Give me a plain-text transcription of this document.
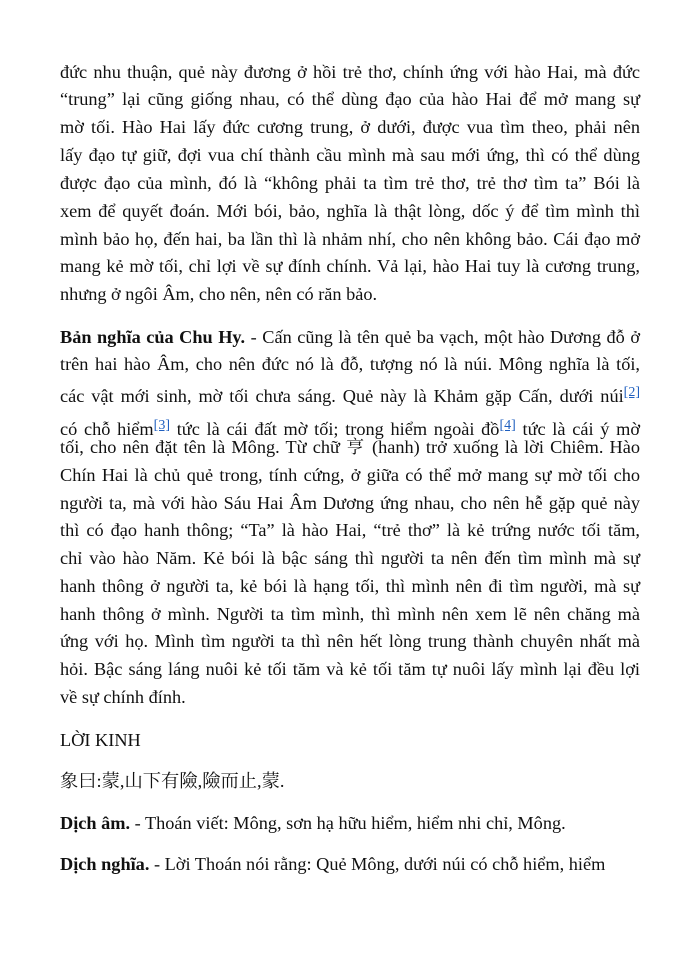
đức nhu thuận, quẻ này đương ở hồi trẻ thơ, chính ứng với hào Hai, mà đức
“trung” lại cũng giống nhau, có thể dùng đạo của hào Hai để mở mang sự
mờ tối. Hào Hai lấy đức cương trung, ở dưới, được vua tìm theo, phải nên
lấy đạo tự giữ, đợi vua chí thành cầu mình mà sau mới ứng, thì có thể dùng
được đạo của mình, đó là “không phải ta tìm trẻ thơ, trẻ thơ tìm ta” Bói là
xem để quyết đoán. Mới bói, bảo, nghĩa là thật lòng, dốc ý để tìm mình thì
mình bảo họ, đến hai, ba lần thì là nhảm nhí, cho nên không bảo. Cái đạo mở
mang kẻ mờ tối, chỉ lợi về sự đính chính. Vả lại, hào Hai tuy là cương trung,
nhưng ở ngôi Âm, cho nên, nên có răn bảo.
Bản nghĩa của Chu Hy. - Cấn cũng là tên quẻ ba vạch, một hào Dương đỗ ở
trên hai hào Âm, cho nên đức nó là đỗ, tượng nó là núi. Mông nghĩa là tối,
các vật mới sinh, mờ tối chưa sáng. Quẻ này là Khảm gặp Cấn, dưới núi[2]
có chỗ hiểm[3] tức là cái đất mờ tối; trong hiểm ngoài đồ[4] tức là cái ý mờ
tối, cho nên đặt tên là Mông. Từ chữ 亨 (hanh) trở xuống là lời Chiêm. Hào
Chín Hai là chủ quẻ trong, tính cứng, ở giữa có thể mở mang sự mờ tối cho
người ta, mà với hào Sáu Hai Âm Dương ứng nhau, cho nên hễ gặp quẻ này
thì có đạo hanh thông; “Ta” là hào Hai, “trẻ thơ” là kẻ trứng nước tối tăm,
chỉ vào hào Năm. Kẻ bói là bậc sáng thì người ta nên đến tìm mình mà sự
hanh thông ở người ta, kẻ bói là hạng tối, thì mình nên đi tìm người, mà sự
hanh thông ở mình. Người ta tìm mình, thì mình nên xem lẽ nên chăng mà
ứng với họ. Mình tìm người ta thì nên hết lòng trung thành chuyên nhất mà
hỏi. Bậc sáng láng nuôi kẻ tối tăm và kẻ tối tăm tự nuôi lấy mình lại đều lợi
về sự chính đính.
LỜI KINH
象曰:蒙,山下有險,險而止,蒙.
Dịch âm. - Thoán viết: Mông, sơn hạ hữu hiểm, hiểm nhi chỉ, Mông.
Dịch nghĩa. - Lời Thoán nói rằng: Quẻ Mông, dưới núi có chỗ hiểm, hiểm
